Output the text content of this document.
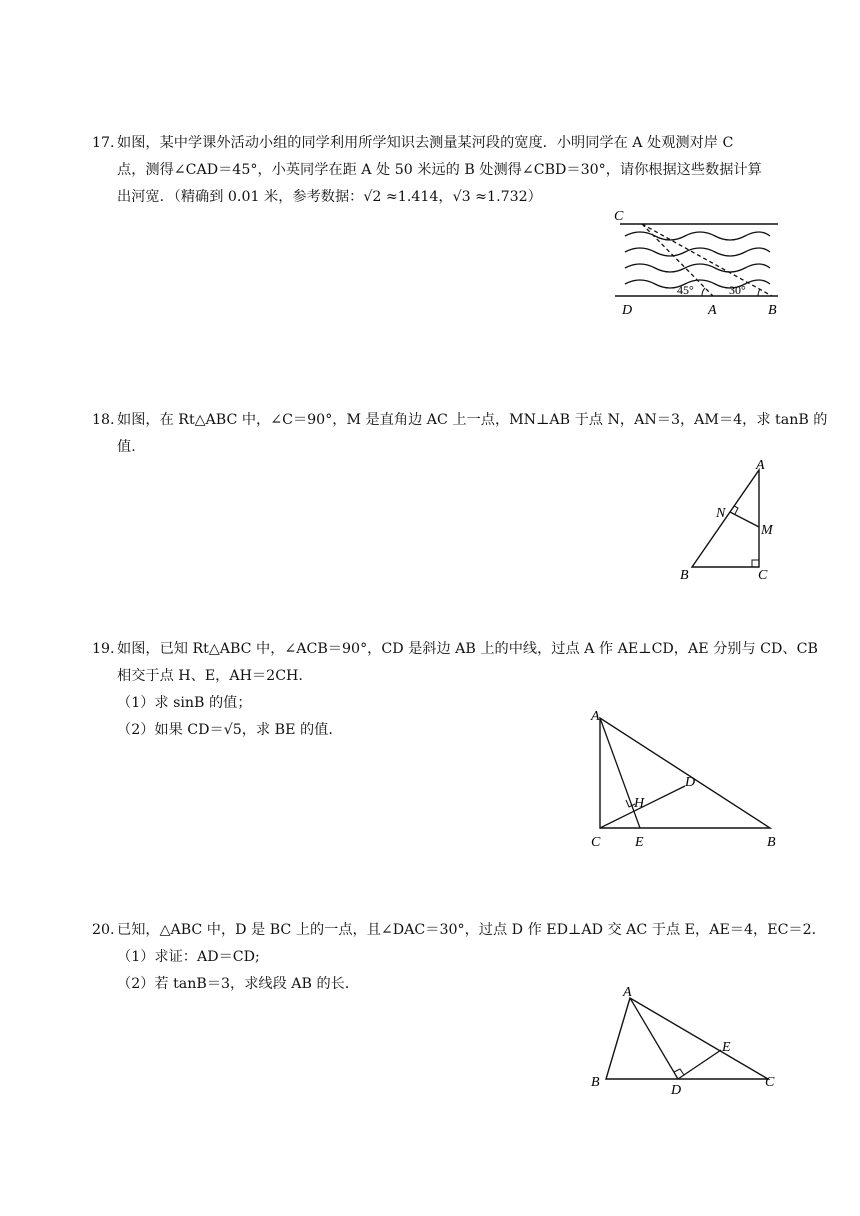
17. 如图，某中学课外活动小组的同学利用所学知识去测量某河段的宽度．小明同学在 A 处观测对岸 C
点，测得∠CAD＝45°，小英同学在距 A 处 50 米远的 B 处测得∠CBD＝30°，请你根据这些数据计算
出河宽．（精确到 0.01 米，参考数据：√2 ≈1.414，√3 ≈1.732）
C
D	A	B
45°	30°
18. 如图，在 Rt△ABC 中，∠C＝90°，M 是直角边 AC 上一点，MN⊥AB 于点 N，AN＝3，AM＝4，求 tanB 的
值.
A
N
M
B	C
19. 如图，已知 Rt△ABC 中，∠ACB＝90°，CD 是斜边 AB 上的中线，过点 A 作 AE⊥CD，AE 分别与 CD、CB
相交于点 H、E，AH＝2CH.
（1）求 sinB 的值；
（2）如果 CD＝√5，求 BE 的值.
A
D
H
C E	B
20. 已知，△ABC 中，D 是 BC 上的一点，且∠DAC＝30°，过点 D 作 ED⊥AD 交 AC 于点 E，AE＝4，EC＝2．
（1）求证：AD＝CD;
（2）若 tanB＝3，求线段 AB 的长．
A
E
B
D
C
